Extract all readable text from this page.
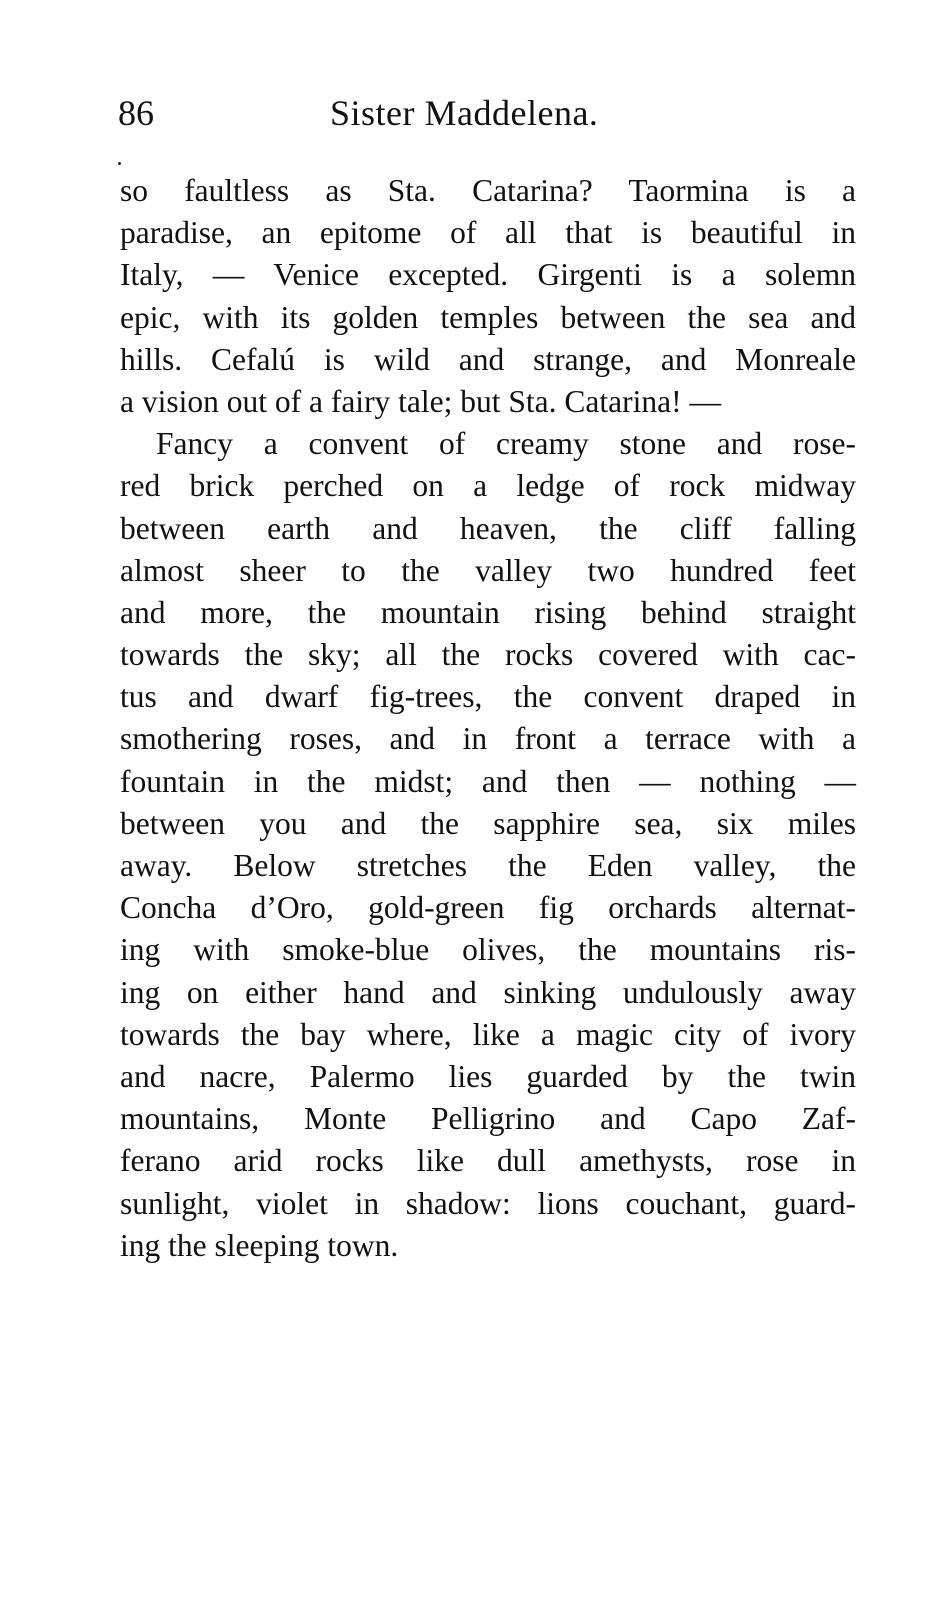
86	Sister Maddelena.
so faultless as Sta. Catarina? Taormina is a
paradise, an epitome of all that is beautiful in
Italy, — Venice excepted. Girgenti is a solemn
epic, with its golden temples between the sea and
hills. Cefalú is wild and strange, and Monreale
a vision out of a fairy tale; but Sta. Catarina! —
Fancy a convent of creamy stone and rose-
red brick perched on a ledge of rock midway
between earth and heaven, the cliff falling
almost sheer to the valley two hundred feet
and more, the mountain rising behind straight
towards the sky; all the rocks covered with cac-
tus and dwarf fig-trees, the convent draped in
smothering roses, and in front a terrace with a
fountain in the midst; and then — nothing —
between you and the sapphire sea, six miles
away. Below stretches the Eden valley, the
Concha d’Oro, gold-green fig orchards alternat-
ing with smoke-blue olives, the mountains ris-
ing on either hand and sinking undulously away
towards the bay where, like a magic city of ivory
and nacre, Palermo lies guarded by the twin
mountains, Monte Pelligrino and Capo Zaf-
ferano arid rocks like dull amethysts, rose in
sunlight, violet in shadow: lions couchant, guard-
ing the sleeping town.
